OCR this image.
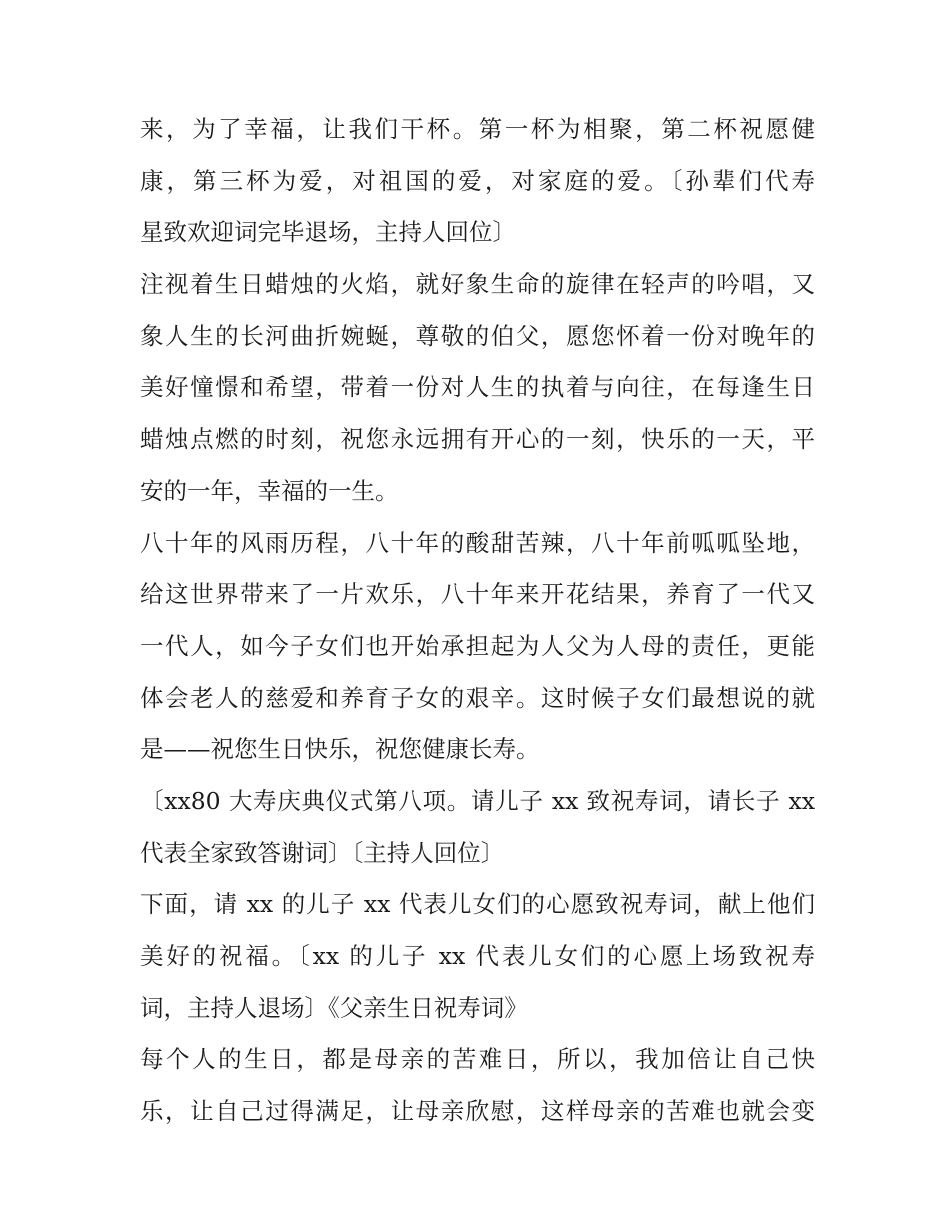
来，为了幸福，让我们干杯。第一杯为相聚，第二杯祝愿健
康，第三杯为爱，对祖国的爱，对家庭的爱。〔孙辈们代寿
星致欢迎词完毕退场，主持人回位〕
注视着生日蜡烛的火焰，就好象生命的旋律在轻声的吟唱，又
象人生的长河曲折婉蜒，尊敬的伯父，愿您怀着一份对晚年的
美好憧憬和希望，带着一份对人生的执着与向往，在每逢生日
蜡烛点燃的时刻，祝您永远拥有开心的一刻，快乐的一天，平
安的一年，幸福的一生。
八十年的风雨历程，八十年的酸甜苦辣，八十年前呱呱坠地，
给这世界带来了一片欢乐，八十年来开花结果，养育了一代又
一代人，如今子女们也开始承担起为人父为人母的责任，更能
体会老人的慈爱和养育子女的艰辛。这时候子女们最想说的就
是——祝您生日快乐，祝您健康长寿。
〔xx80 大寿庆典仪式第八项。请儿子 xx 致祝寿词，请长子 xx
代表全家致答谢词〕〔主持人回位〕
下面，请 xx 的儿子 xx 代表儿女们的心愿致祝寿词，献上他们
美好的祝福。〔xx 的儿子 xx 代表儿女们的心愿上场致祝寿
词，主持人退场〕《父亲生日祝寿词》
每个人的生日，都是母亲的苦难日，所以，我加倍让自己快
乐，让自己过得满足，让母亲欣慰，这样母亲的苦难也就会变
